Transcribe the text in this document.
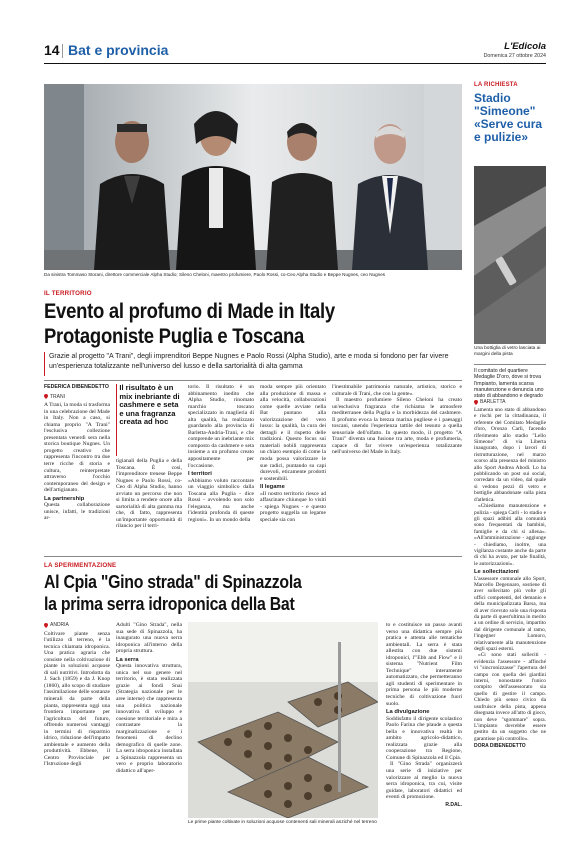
14 Bat e provincia	L'Edicola
Domenica 27 ottobre 2024
Da sinistra Tommaso Storani, direttore commerciale Alpha Studio; Sileno Cheloni, maestro profumiere, Paolo Rossi, co-Ceo Alpha Studio e Beppe Nugnes, ceo Nugnes
IL TERRITORIO
Evento al profumo di Made in Italy
Protagoniste Puglia e Toscana
Grazie al progetto "A Trani", degli imprenditori Beppe Nugnes e Paolo Rossi (Alpha Studio), arte e moda si fondono per far vivere un'esperienza totalizzante nell'universo del lusso e della sartorialità di alta gamma
FEDERICA DIBENEDETTO
TRANI

A Trani, la moda si trasforma in una celebrazione del Made in Italy. Non a caso, si chiama proprio "A Trani" l'esclusiva collezione presentata venerdì sera nella storica boutique Nugnes. Un progetto creativo che rappresenta l'incontro tra due terre ricche di storia e cultura, reinterpretate attraverso l'occhio contemporaneo del design e dell'artigianato.

La partnership

Questa collaborazione unisce, infatti, le tradizioni ar-

Il risultato è un mix inebriante di cashmere e seta e una fragranza creata ad hoc

tigianali della Puglia e della Toscana. È così, l'imprenditore trenese Beppe Nugnes e Paolo Rossi, co-Ceo di Alpha Studio, hanno avviato un percorso che non si limita a rendere onore alla sartorialità di alta gamma ma che, di fatto, rappresenta un'importante opportunità di rilancio per il terri-

torio. Il risultato è un abbinamento inedito che Alpha Studio, rinomato marchio toscano specializzato in maglieria di alta qualità, ha realizzato guardando alla provincia di Barletta-Andria-Trani, e che comprende un inebriante mix composto da cashmere e seta insieme a un profumo creato appositamente per l'occasione.

I territori

«Abbiamo voluto raccontare un viaggio simbolico dalla Toscana alla Puglia - dice Rossi - avvolendo non solo l'eleganza, ma anche l'identità profonda di queste regioni». In un mondo della

moda sempre più orientato alla produzione di massa e alla velocità, collaborazioni come quelle avviate nella Bat puntano alla valorizzazione del vero lusso: la qualità, la cura dei dettagli e il rispetto delle tradizioni. Questo focus sui materiali nobili rappresenta un chiaro esempio di come la moda possa valorizzare le sue radici, puntando su capi durevoli, eticamente prodotti e sostenibili.

Il legame

«Il nostro territorio riesce ad affascinare chiunque lo visiti - spiega Nugnes - e questo progetto suggella un legame speciale sia con

l'inestimabile patrimonio naturale, artistico, storico e culturale di Trani, che con la gente».

Il maestro profumiere Sileno Cheloni ha creato un'esclusiva fragranza che richiama le atmosfere mediterranee della Puglia e la morbidezza del cashmere. Il profumo evoca la brezza marina pugliese e i paesaggi toscani, unendo l'esperienza tattile del tessuto a quella sensoriale dell'olfatto. In questo modo, il progetto "A Trani" diventa una fusione tra arte, moda e profumeria, capace di far vivere un'esperienza totalizzante nell'universo del Made in Italy.

LA RICHIESTA
Stadio
"Simeone"
«Serve cura
e pulizie»
Una bottiglia di vetro lasciata ai margini della pista
Il comitato del quartiere Medaglie D'oro, dove si trova l'impianto, lamenta scarsa manutenzione e denuncia uno stato di abbandono e degrado
BARLETTA

Lamenta uno stato di abbandono e rischi per la cittadinanza, il referente del Comitato Medaglie d'oro, Oronzo Carli, facendo riferimento allo stadio "Lello Simeone" di via Liberta inaugurato, dopo i lavori di ristrutturazione, nel marzo scorso alla presenza del ministro allo Sport Andrea Abodi. Lo ha pubblicando un post sui social, corredato da un video, dal quale si vedono pezzi di vetro e bottiglie abbandonate sulla pista d'atletica.

«Chiediamo manutenzione e pulizia - spiega Carli - lo stadio e gli spazi adibiti alla comunità sono frequentati da bambini, famiglie e da chi si allena». «All'amministrazione - aggiunge - chiediamo, inoltre, una vigilanza costante anche da parte di chi ha avuto, per tale finalità, le autorizzazioni».

Le sollecitazioni

L'assessore comunale allo Sport, Marcello Degennaro, sostiene di aver sollecitato più volte gli uffici competenti, del demanio e della municipalizzata Barsa, ma di aver ricevuto solo una risposta da parte di quest'ultima in merito a un ordine di servizio, impartito dal dirigente comunale al ramo, l'ingegner Lomoro, relativamente alla manutenzione degli spazi esterni.

«Ci sono stati solleciti - evidenzia l'assessore - affinché vi "sincronizzasse" l'apertura del campo con quella dei giardini interni, nonostante l'unico compito dell'assessorato sia quello di gestire il campo. Chiedo più senso civico da usufruisce della pista, appena disegnata invece all'atto di gioco, non deve "sgommare" sopra. L'impianto dovrebbe essere gestito da un soggetto che ne garantisse più controllo».

DORA DIBENEDETTO
LA SPERIMENTAZIONE
Al Cpia "Gino strada" di Spinazzola
la prima serra idroponica della Bat
ANDRIA

Coltivare piante senza l'utilizzo di terreno, è la tecnica chiamata idroponica. Una pratica agraria che consiste nella coltivazione di piante in soluzioni acquose di sali nutritivi. Introdotta da J. Sach (1859) e da J. Knop (1860), allo scopo di studiare l'assimilazione delle sostanze minerali da parte della pianta, rappresenta oggi una frontiera importante per l'agricoltura del futuro, offrendo numerosi vantaggi in termini di risparmio idrico, riduzione dell'impatto ambientale e aumento della produttività. Ebbene, il Centro Provinciale per l'Istruzione degli

Adulti "Gino Strada", nella sua sede di Spinazzola, ha inaugurato una nuova serra idroponica all'interno della propria struttura.

La serra

Questa innovativa struttura, unica nel suo genere nel territorio, è stata realizzata grazie ai fondi Snai (Strategia nazionale per le aree interne) che rappresenta una politica nazionale innovativa di sviluppo e coesione territoriale e mira a contrastare la marginalizzazione e i fenomeni di declino demografico di quelle zone. La serra idroponica installata a Spinazzola rappresenta un vero e proprio laboratorio didattico all'aper-

Le prime piante coltivate in soluzioni acquose contenenti sali minerali anziché nel terreno

to e costituisce un passo avanti verso una didattica sempre più pratica e attenta alle tematiche ambientali. La serra è stata allestita con due sistemi idroponici, l'"Ebb and Flow" e il sistema "Nutrient Film Technique" interamente automatizzato, che permetteranno agli studenti di sperimentare in prima persona le più moderne tecniche di coltivazione fuori suolo.

La divulgazione

Soddisfatto il dirigente scolastico Paolo Farina che plaude a questa bella e innovativa realtà in ambito agricolo-didattico, realizzata grazie alla cooperazione tra Regione, Comune di Spinazzola ed il Cpia.

Il "Gino Strada" organizzerà una serie di iniziative per valorizzare al meglio la nuova serra idroponica, tra cui, visite guidate, laboratori didattici ed eventi di promozione.

R.DAL.
